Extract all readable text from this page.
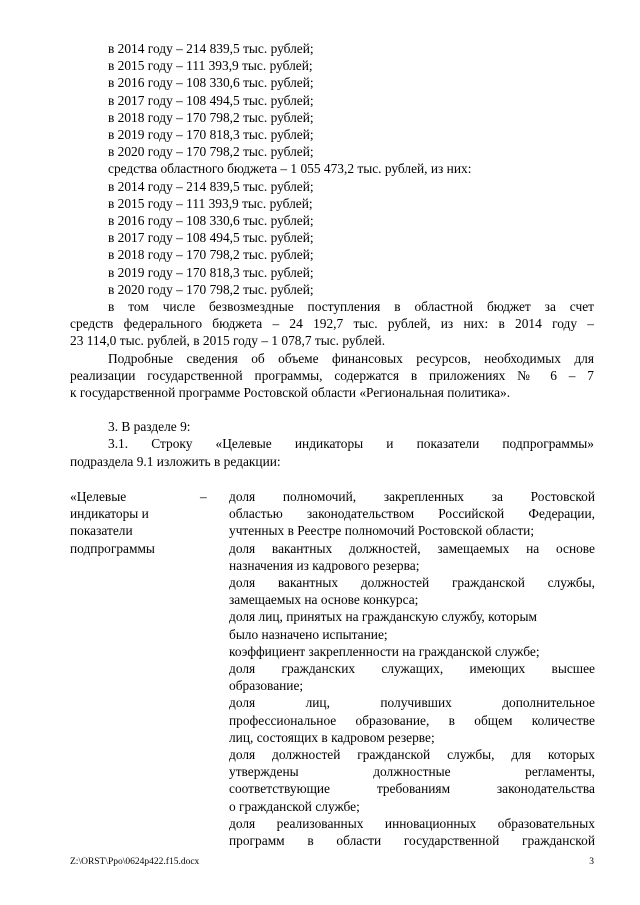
в 2014 году – 214 839,5 тыс. рублей;
в 2015 году – 111 393,9 тыс. рублей;
в 2016 году – 108 330,6 тыс. рублей;
в 2017 году – 108 494,5 тыс. рублей;
в 2018 году – 170 798,2 тыс. рублей;
в 2019 году – 170 818,3 тыс. рублей;
в 2020 году – 170 798,2 тыс. рублей;
средства областного бюджета – 1 055 473,2 тыс. рублей, из них:
в 2014 году – 214 839,5 тыс. рублей;
в 2015 году – 111 393,9 тыс. рублей;
в 2016 году – 108 330,6 тыс. рублей;
в 2017 году – 108 494,5 тыс. рублей;
в 2018 году – 170 798,2 тыс. рублей;
в 2019 году – 170 818,3 тыс. рублей;
в 2020 году – 170 798,2 тыс. рублей;
в том числе безвозмездные поступления в областной бюджет за счет
средств федерального бюджета – 24 192,7 тыс. рублей, из них: в 2014 году –
23 114,0 тыс. рублей, в 2015 году – 1 078,7 тыс. рублей.
Подробные сведения об объеме финансовых ресурсов, необходимых для
реализации государственной программы, содержатся в приложениях № 6 – 7
к государственной программе Ростовской области «Региональная политика».
3. В разделе 9:
3.1. Строку «Целевые индикаторы и показатели подпрограммы»
подраздела 9.1 изложить в редакции:
«Целевые
индикаторы и
показатели
подпрограммы
– доля полномочий, закрепленных за Ростовской
областью законодательством Российской Федерации,
учтенных в Реестре полномочий Ростовской области;
доля вакантных должностей, замещаемых на основе
назначения из кадрового резерва;
доля вакантных должностей гражданской службы,
замещаемых на основе конкурса;
доля лиц, принятых на гражданскую службу, которым
было назначено испытание;
коэффициент закрепленности на гражданской службе;
доля гражданских служащих, имеющих высшее
образование;
доля лиц, получивших дополнительное
профессиональное образование, в общем количестве
лиц, состоящих в кадровом резерве;
доля должностей гражданской службы, для которых
утверждены должностные регламенты,
соответствующие требованиям законодательства
о гражданской службе;
доля реализованных инновационных образовательных
программ в области государственной гражданской
Z:\ORST\Ppo\0624p422.f15.docx	3
